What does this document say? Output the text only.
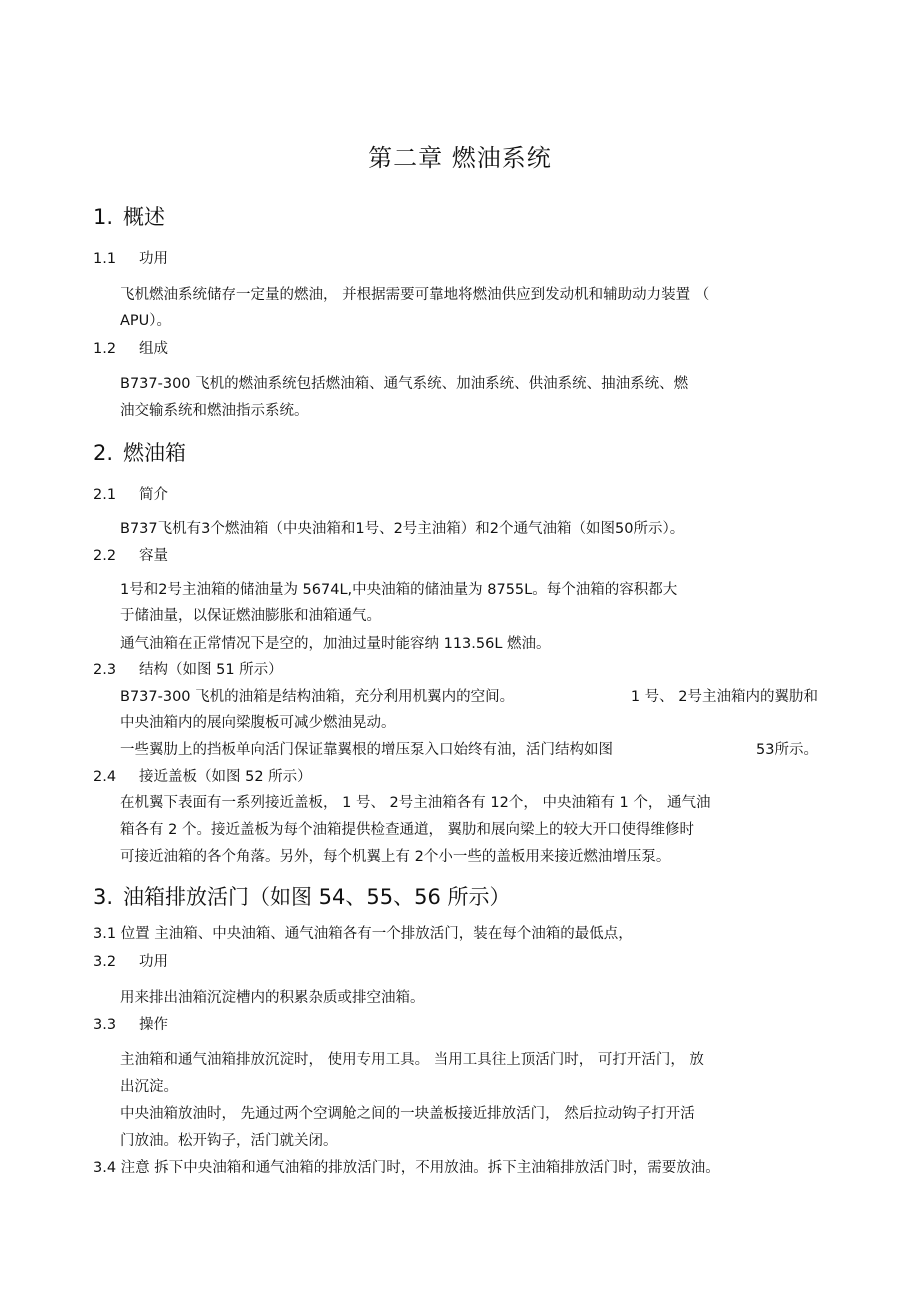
第二章 燃油系统
1. 概述
1.1 功用
飞机燃油系统储存一定量的燃油， 并根据需要可靠地将燃油供应到发动机和辅助动力装置 （
APU）。
1.2 组成
B737-300 飞机的燃油系统包括燃油箱、通气系统、加油系统、供油系统、抽油系统、燃
油交输系统和燃油指示系统。
2. 燃油箱
2.1 简介
B737飞机有3个燃油箱（中央油箱和1号、2号主油箱）和2个通气油箱（如图50所示）。
2.2 容量
1号和2号主油箱的储油量为 5674L,中央油箱的储油量为 8755L。每个油箱的容积都大
于储油量，以保证燃油膨胀和油箱通气。
通气油箱在正常情况下是空的，加油过量时能容纳 113.56L 燃油。
2.3 结构（如图 51 所示）
B737-300 飞机的油箱是结构油箱，充分利用机翼内的空间。	1 号、 2号主油箱内的翼肋和
中央油箱内的展向梁腹板可减少燃油晃动。
一些翼肋上的挡板单向活门保证靠翼根的增压泵入口始终有油，活门结构如图	53所示。
2.4 接近盖板（如图 52 所示）
在机翼下表面有一系列接近盖板， 1 号、 2号主油箱各有 12个， 中央油箱有 1 个， 通气油
箱各有 2 个。接近盖板为每个油箱提供检查通道， 翼肋和展向梁上的较大开口使得维修时
可接近油箱的各个角落。另外，每个机翼上有 2个小一些的盖板用来接近燃油增压泵。
3. 油箱排放活门（如图 54、55、56 所示）
3.1 位置 主油箱、中央油箱、通气油箱各有一个排放活门，装在每个油箱的最低点，
3.2 功用
用来排出油箱沉淀槽内的积累杂质或排空油箱。
3.3 操作
主油箱和通气油箱排放沉淀时， 使用专用工具。 当用工具往上顶活门时， 可打开活门， 放
出沉淀。
中央油箱放油时， 先通过两个空调舱之间的一块盖板接近排放活门， 然后拉动钩子打开活
门放油。松开钩子，活门就关闭。
3.4 注意 拆下中央油箱和通气油箱的排放活门时，不用放油。拆下主油箱排放活门时，需要放油。
